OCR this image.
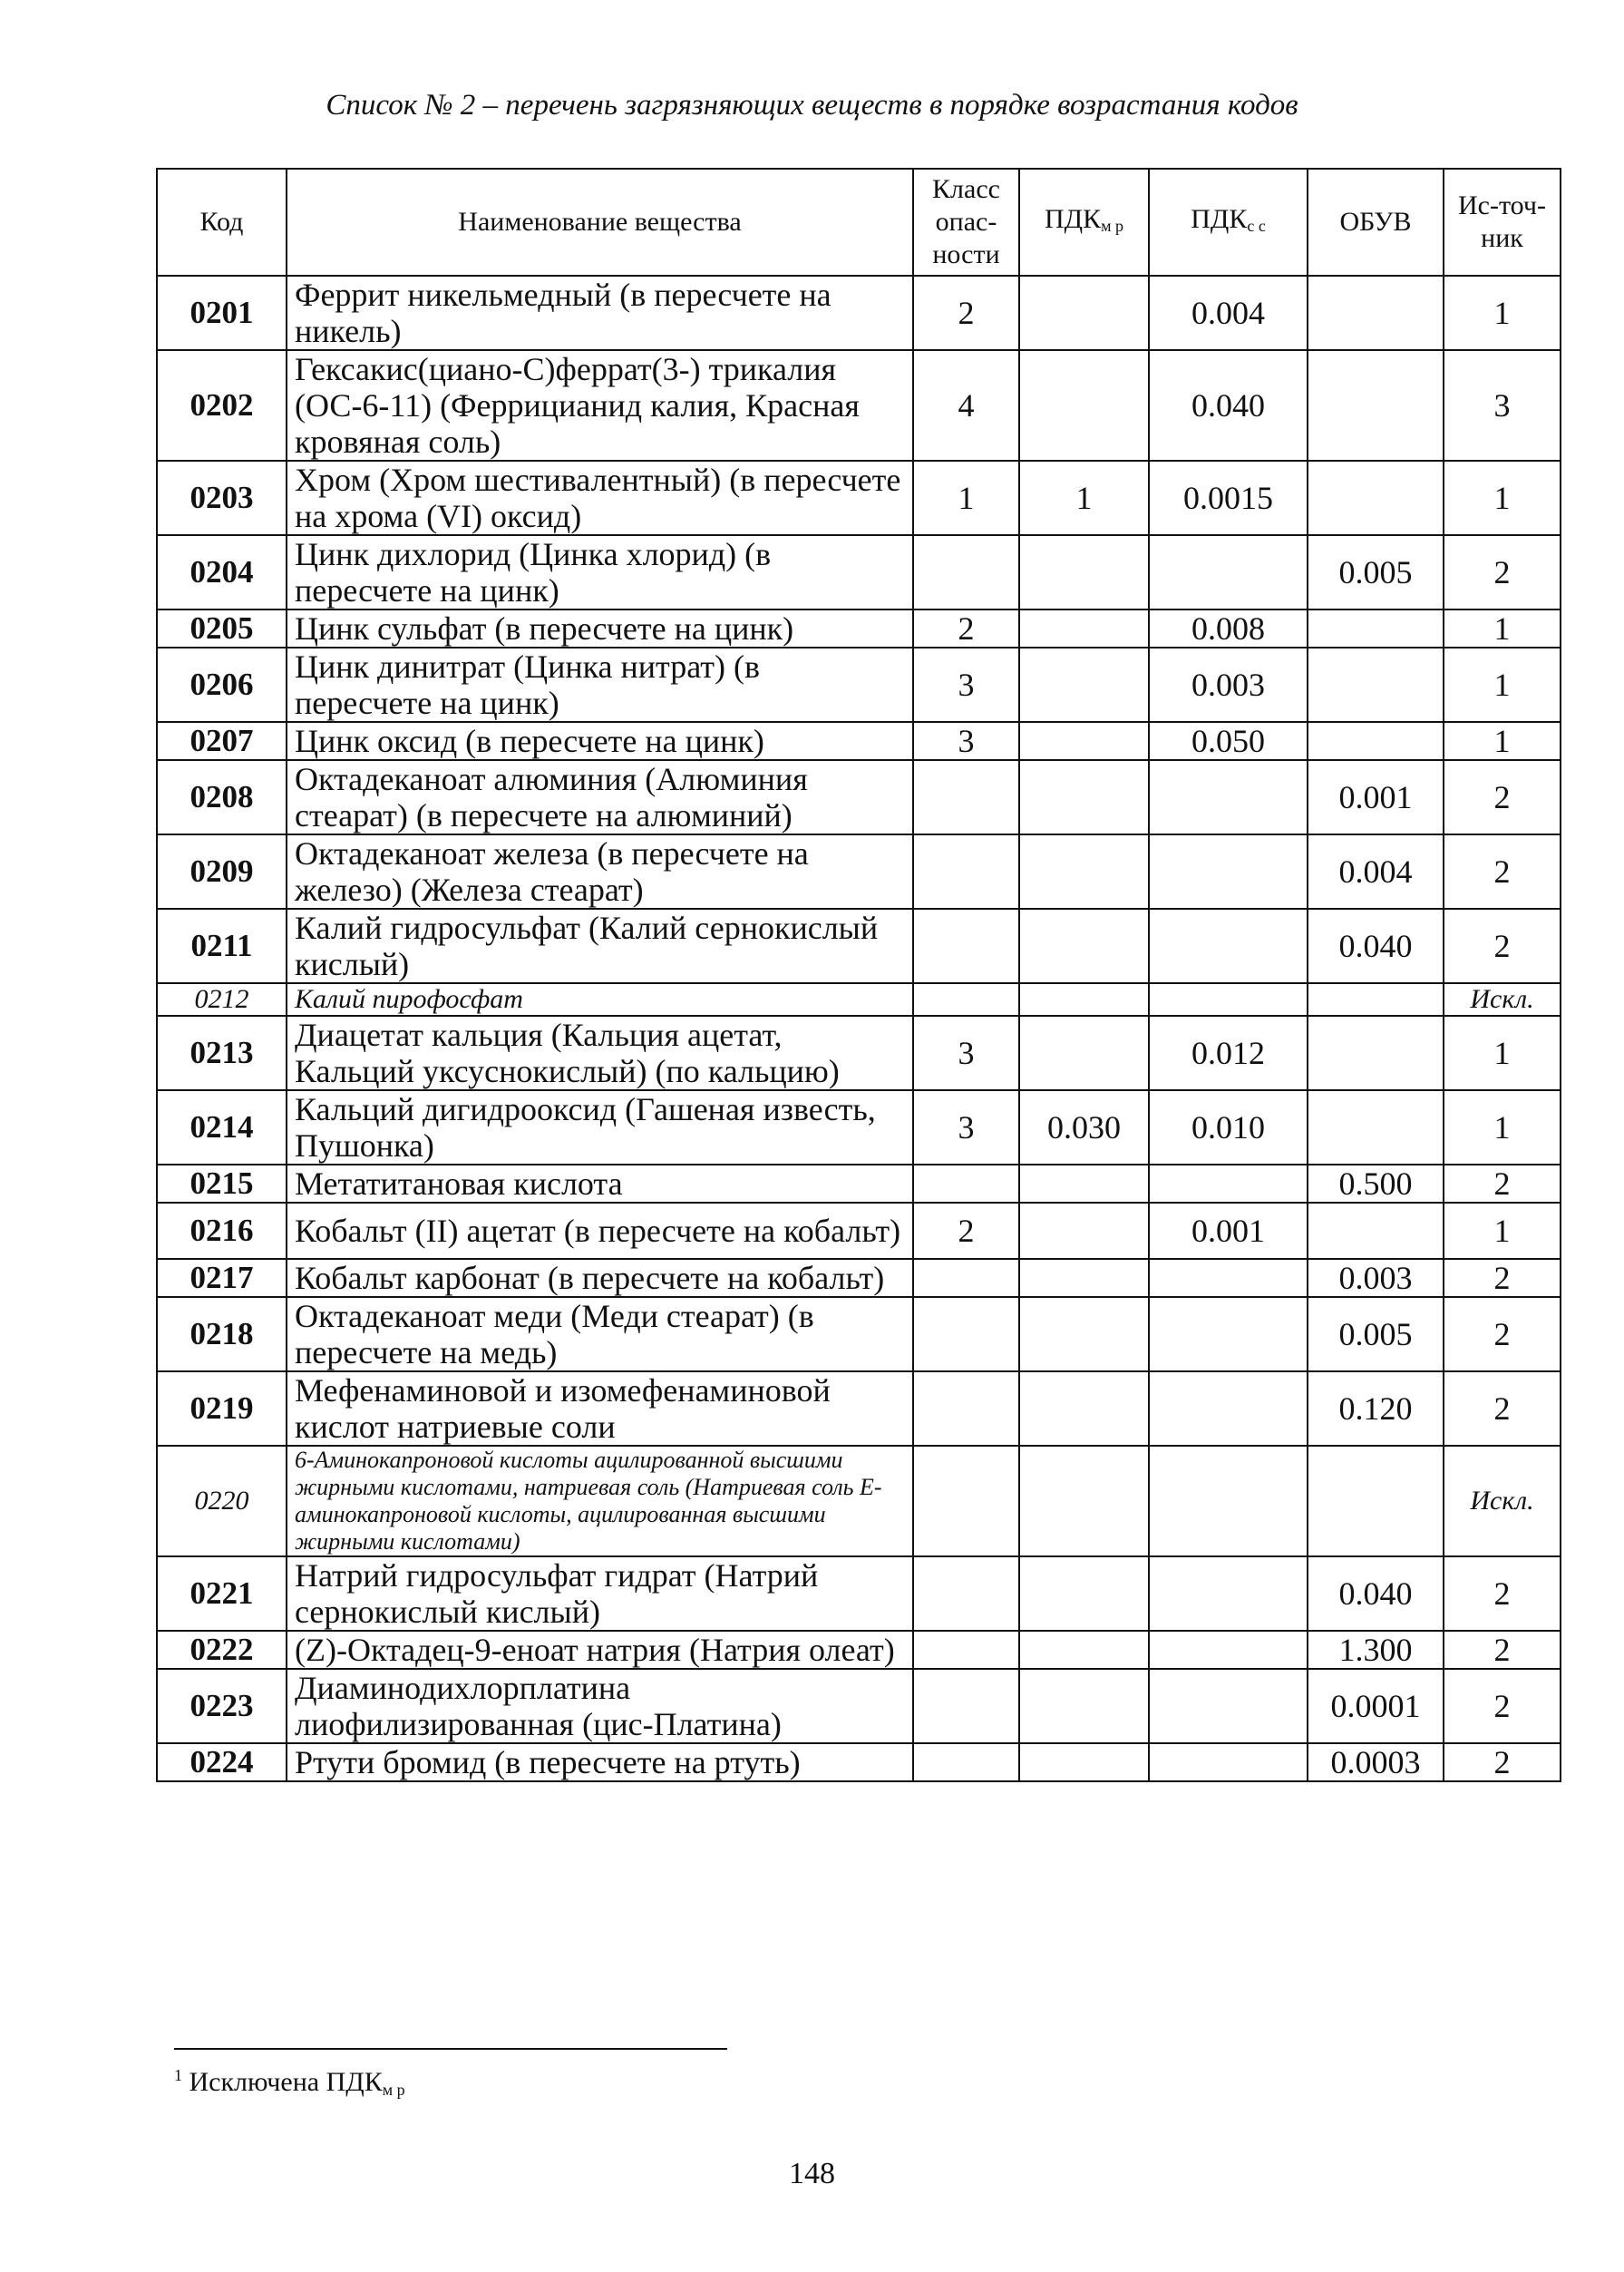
Список № 2 – перечень загрязняющих веществ в порядке возрастания кодов
Код	Наименование вещества	Класс опас-ности	$ПДК_{м р}$	$ПДК_{с с}$	ОБУВ	Ис-точ-ник
0201	Феррит никельмедный (в пересчете на никель)	2		0.004		1
0202	Гексакис(циано-С)феррат(3-) трикалия (ОС-6-11) (Феррицианид калия, Красная кровяная соль)	4		0.040		3
0203	Хром (Хром шестивалентный) (в пересчете на хрома (VI) оксид)	1	1	0.0015		1
0204	Цинк дихлорид (Цинка хлорид) (в пересчете на цинк)				0.005	2
0205	Цинк сульфат (в пересчете на цинк)	2		0.008		1
0206	Цинк динитрат (Цинка нитрат) (в пересчете на цинк)	3		0.003		1
0207	Цинк оксид (в пересчете на цинк)	3		0.050		1
0208	Октадеканоат алюминия (Алюминия стеарат) (в пересчете на алюминий)				0.001	2
0209	Октадеканоат железа (в пересчете на железо) (Железа стеарат)				0.004	2
0211	Калий гидросульфат (Калий сернокислый кислый)				0.040	2
0212	Калий пирофосфат					Искл.
0213	Диацетат кальция (Кальция ацетат, Кальций уксуснокислый) (по кальцию)	3		0.012		1
0214	Кальций дигидрооксид (Гашеная известь, Пушонка)	3	0.030	0.010		1
0215	Метатитановая кислота				0.500	2
0216	Кобальт (II) ацетат (в пересчете на кобальт)	2		0.001		1
0217	Кобальт карбонат (в пересчете на кобальт)				0.003	2
0218	Октадеканоат меди (Меди стеарат) (в пересчете на медь)				0.005	2
0219	Мефенаминовой и изомефенаминовой кислот натриевые соли				0.120	2
0220	6-Аминокапроновой кислоты ацилированной высшими жирными кислотами, натриевая соль (Натриевая соль Е-аминокапроновой кислоты, ацилированная высшими жирными кислотами)					Искл.
0221	Натрий гидросульфат гидрат (Натрий сернокислый кислый)				0.040	2
0222	(Z)-Октадец-9-еноат натрия (Натрия олеат)				1.300	2
0223	Диаминодихлорплатина лиофилизированная (цис-Платина)				0.0001	2
0224	Ртути бромид (в пересчете на ртуть)				0.0003	2
$^1$ Исключена $ПДК_{м р}$
148
